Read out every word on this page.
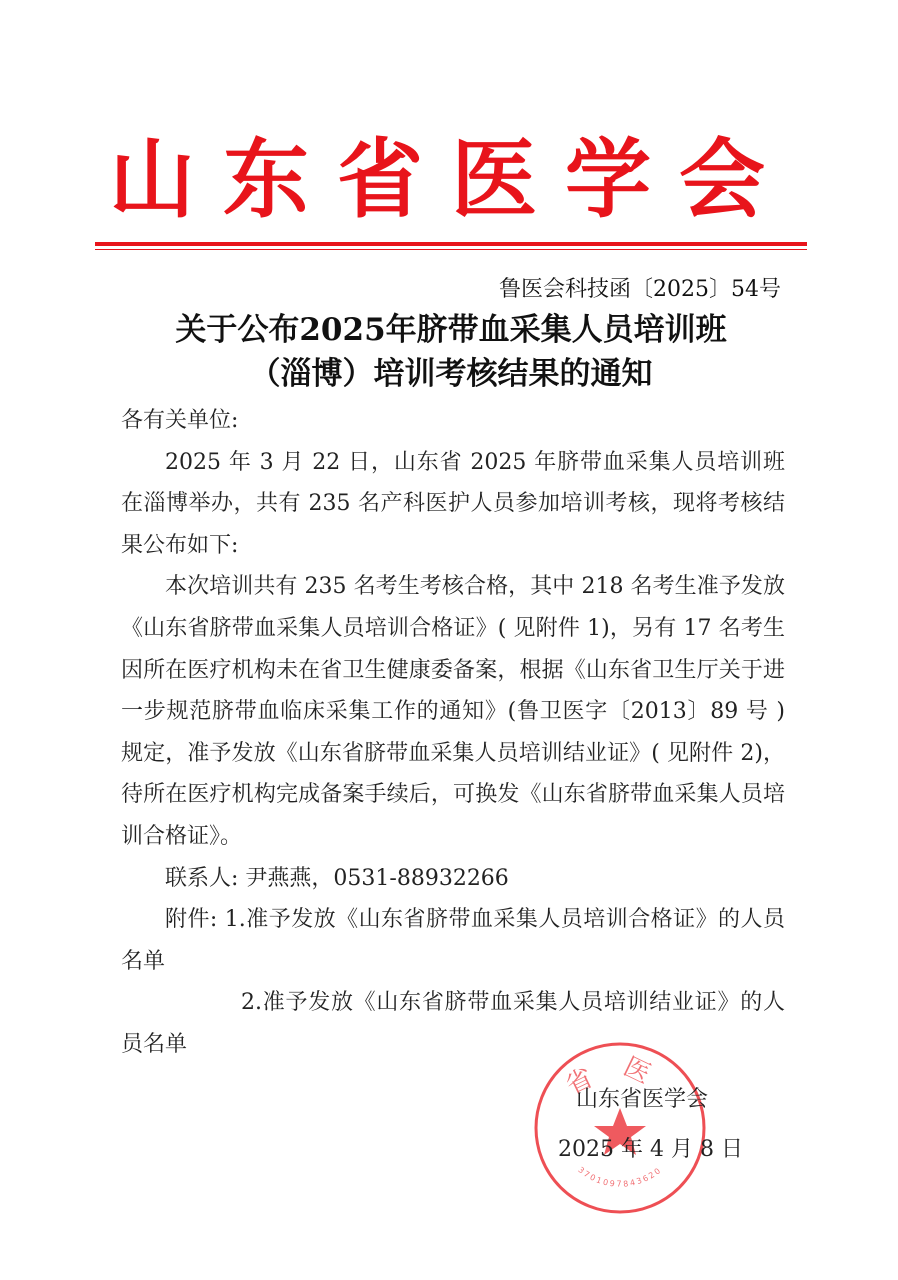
山东省医学会
鲁医会科技函〔2025〕54号
关于公布2025年脐带血采集人员培训班
（淄博）培训考核结果的通知

各有关单位:

2025 年 3 月 22 日，山东省 2025 年脐带血采集人员培训班在淄博举办，共有 235 名产科医护人员参加培训考核，现将考核结果公布如下:

本次培训共有 235 名考生考核合格，其中 218 名考生准予发放《山东省脐带血采集人员培训合格证》( 见附件 1)，另有 17 名考生因所在医疗机构未在省卫生健康委备案，根据《山东省卫生厅关于进一步规范脐带血临床采集工作的通知》(鲁卫医字〔2013〕89 号 ) 规定，准予发放《山东省脐带血采集人员培训结业证》( 见附件 2)，待所在医疗机构完成备案手续后，可换发《山东省脐带血采集人员培训合格证》。

联系人: 尹燕燕，0531-88932266

附件: 1.准予发放《山东省脐带血采集人员培训合格证》的人员名单

2.准予发放《山东省脐带血采集人员培训结业证》的人员名单

省医
3701097843620
山东省医学会
2025 年 4 月 8 日
